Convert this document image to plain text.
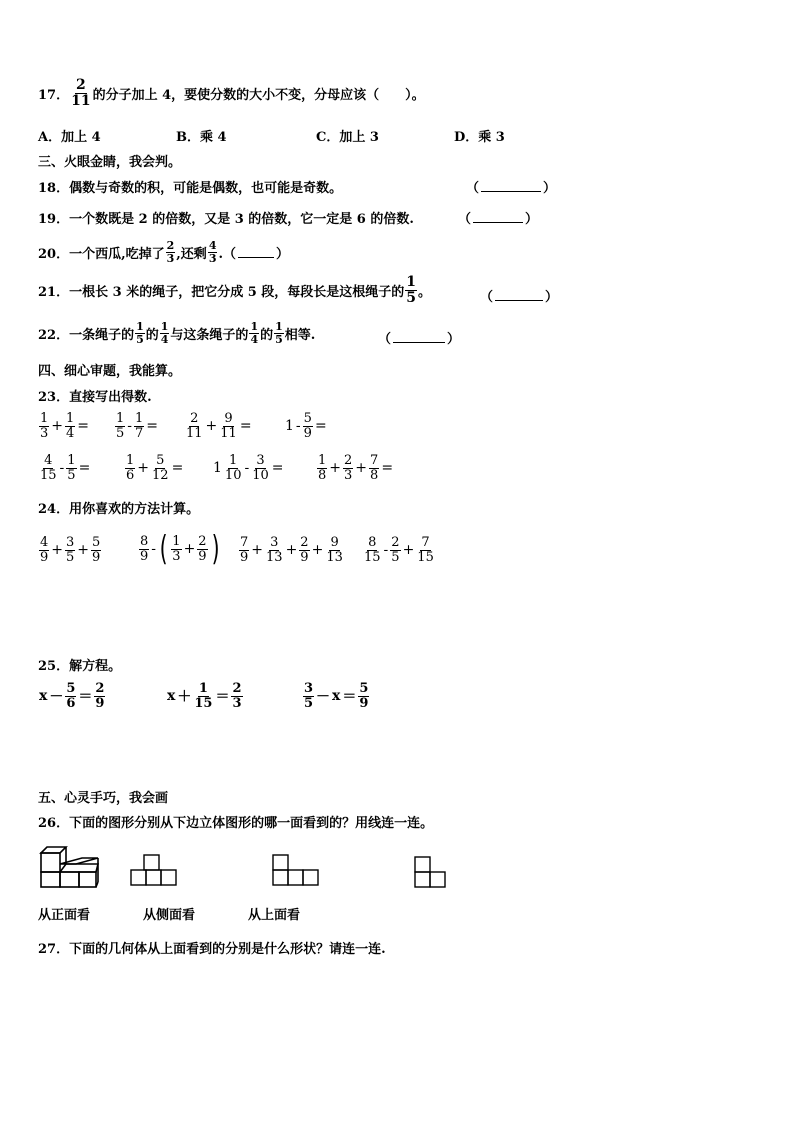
17． $\frac{2}{11}$ 的分子加上 4，要使分数的大小不变，分母应该（　　）。
A．加上 4	B．乘 4	C．加上 3	D．乘 3
三、火眼金睛，我会判。
18．偶数与奇数的积，可能是偶数，也可能是奇数。	（	）
19．一个数既是 2 的倍数，又是 3 的倍数，它一定是 6 的倍数.	（	）
20．一个西瓜,吃掉了 $\frac{2}{3}$ ,还剩 $\frac{4}{3}$ .（	）
21．一根长 3 米的绳子，把它分成 5 段，每段长是这根绳子的 $\frac{1}{5}$ 。	（	）
22．一条绳子的 $\frac{1}{5}$ 的 $\frac{1}{4}$ 与这条绳子的 $\frac{1}{4}$ 的 $\frac{1}{5}$ 相等.	（	）
四、细心审题，我能算。
23．直接写出得数.
$\frac{1}{3} + \frac{1}{4} = \frac{1}{5} - \frac{1}{7} = \frac{2}{11} + \frac{9}{11} = 1 - \frac{5}{9}$ =
$\frac{4}{15} - \frac{1}{5}$ =	$\frac{1}{6} + \frac{5}{12} = 1 \frac{1}{10} - \frac{3}{10}$ =	$\frac{1}{8} + \frac{2}{3} + \frac{7}{8}$ =
24．用你喜欢的方法计算。
$\frac{4}{9} + \frac{3}{5} + \frac{5}{9}$	$\frac{8}{9}$ - ( $\frac{1}{3} + \frac{2}{9}$ ) $\frac{7}{9} + \frac{3}{13} + \frac{2}{9} + \frac{9}{13} \frac{8}{15} - \frac{2}{5} + \frac{7}{15}$
25．解方程。
$x - \frac{5}{6} = \frac{2}{9}$	$x + \frac{1}{15} = \frac{2}{3}$	$\frac{3}{5} - x = \frac{5}{9}$
五、心灵手巧，我会画
26．下面的图形分别从下边立体图形的哪一面看到的？用线连一连。
从正面看	从侧面看	从上面看
27．下面的几何体从上面看到的分别是什么形状？请连一连.
